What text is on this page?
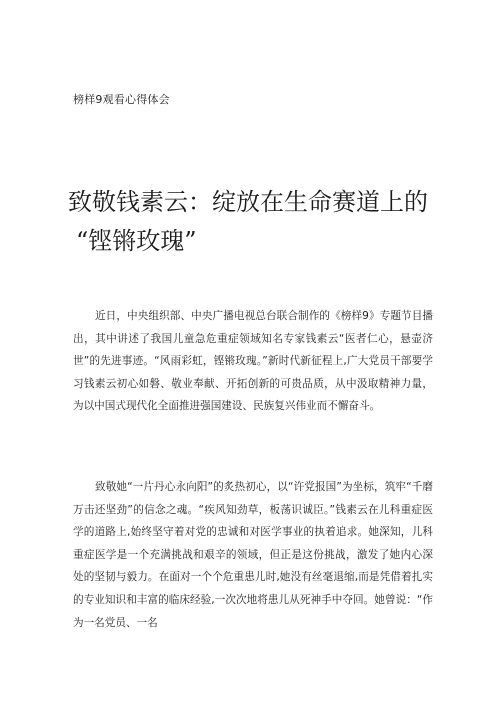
榜样9观看心得体会
致敬钱素云：绽放在生命赛道上的
“铿锵玫瑰”

近日，中央组织部、中央广播电视总台联合制作的《榜样9》专题节目播出，其中讲述了我国儿童急危重症领域知名专家钱素云“医者仁心，悬壶济世”的先进事迹。“风雨彩虹，铿锵玫瑰。”新时代新征程上,广大党员干部要学习钱素云初心如磐、敬业奉献、开拓创新的可贵品质，从中汲取精神力量，为以中国式现代化全面推进强国建设、民族复兴伟业而不懈奋斗。

致敬她“一片丹心永向阳”的炙热初心，以“许党报国”为坐标，筑牢“千磨万击还坚劲”的信念之魂。“疾风知劲草，板荡识诚臣。”钱素云在儿科重症医学的道路上,始终坚守着对党的忠诚和对医学事业的执着追求。她深知，儿科重症医学是一个充满挑战和艰辛的领域，但正是这份挑战，激发了她内心深处的坚韧与毅力。在面对一个个危重患儿时,她没有丝毫退缩,而是凭借着扎实的专业知识和丰富的临床经验,一次次地将患儿从死神手中夺回。她曾说：“作为一名党员、一名
